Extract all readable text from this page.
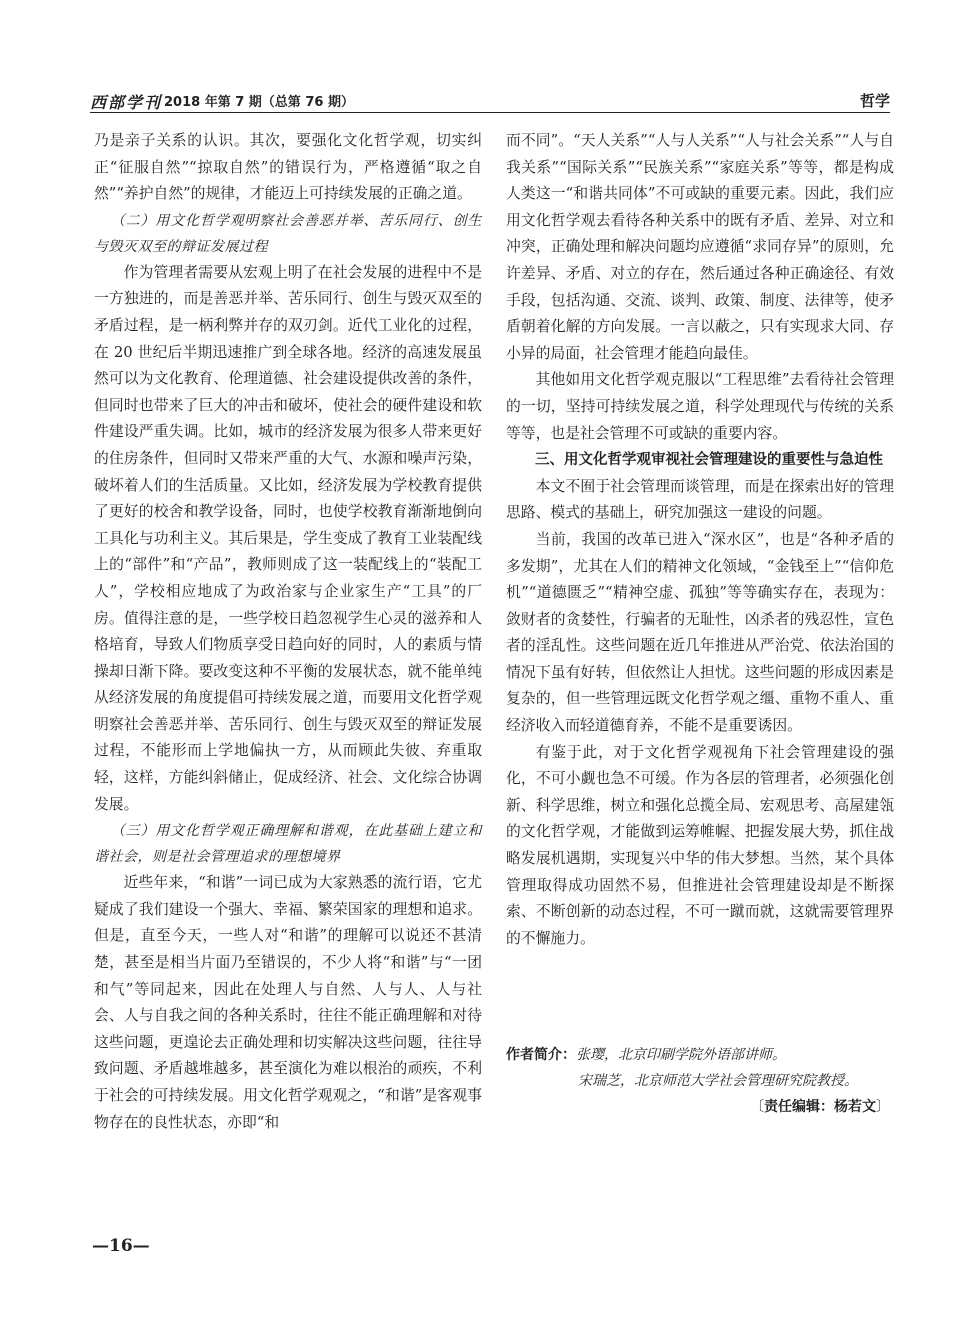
西部学刊 2018 年第 7 期（总第 76 期）	哲学

乃是亲子关系的认识。其次，要强化文化哲学观，切实纠正“征服自然”“掠取自然”的错误行为，严格遵循“取之自然”“养护自然”的规律，才能迈上可持续发展的正确之道。

（二）用文化哲学观明察社会善恶并举、苦乐同行、创生与毁灭双至的辩证发展过程

作为管理者需要从宏观上明了在社会发展的进程中不是一方独进的，而是善恶并举、苦乐同行、创生与毁灭双至的矛盾过程，是一柄利弊并存的双刃剑。近代工业化的过程，在 20 世纪后半期迅速推广到全球各地。经济的高速发展虽然可以为文化教育、伦理道德、社会建设提供改善的条件，但同时也带来了巨大的冲击和破坏，使社会的硬件建设和软件建设严重失调。比如，城市的经济发展为很多人带来更好的住房条件，但同时又带来严重的大气、水源和噪声污染，破坏着人们的生活质量。又比如，经济发展为学校教育提供了更好的校舍和教学设备，同时，也使学校教育渐渐地倒向工具化与功利主义。其后果是，学生变成了教育工业装配线上的“部件”和“产品”，教师则成了这一装配线上的“装配工人”，学校相应地成了为政治家与企业家生产“工具”的厂房。值得注意的是，一些学校日趋忽视学生心灵的滋养和人格培育，导致人们物质享受日趋向好的同时，人的素质与情操却日渐下降。要改变这种不平衡的发展状态，就不能单纯从经济发展的角度提倡可持续发展之道，而要用文化哲学观明察社会善恶并举、苦乐同行、创生与毁灭双至的辩证发展过程，不能形而上学地偏执一方，从而顾此失彼、弃重取轻，这样，方能纠斜储止，促成经济、社会、文化综合协调发展。

（三）用文化哲学观正确理解和谐观，在此基础上建立和谐社会，则是社会管理追求的理想境界

近些年来，“和谐”一词已成为大家熟悉的流行语，它尤疑成了我们建设一个强大、幸福、繁荣国家的理想和追求。但是，直至今天，一些人对“和谐”的理解可以说还不甚清楚，甚至是相当片面乃至错误的，不少人将“和谐”与“一团和气”等同起来，因此在处理人与自然、人与人、人与社会、人与自我之间的各种关系时，往往不能正确理解和对待这些问题，更遑论去正确处理和切实解决这些问题，往往导致问题、矛盾越堆越多，甚至演化为难以根治的顽疾，不利于社会的可持续发展。用文化哲学观观之，“和谐”是客观事物存在的良性状态，亦即“和

而不同”。“天人关系”“人与人关系”“人与社会关系”“人与自我关系”“国际关系”“民族关系”“家庭关系”等等，都是构成人类这一“和谐共同体”不可或缺的重要元素。因此，我们应用文化哲学观去看待各种关系中的既有矛盾、差异、对立和冲突，正确处理和解决问题均应遵循“求同存异”的原则，允许差异、矛盾、对立的存在，然后通过各种正确途径、有效手段，包括沟通、交流、谈判、政策、制度、法律等，使矛盾朝着化解的方向发展。一言以蔽之，只有实现求大同、存小异的局面，社会管理才能趋向最佳。

其他如用文化哲学观克服以“工程思维”去看待社会管理的一切，坚持可持续发展之道，科学处理现代与传统的关系等等，也是社会管理不可或缺的重要内容。

三、用文化哲学观审视社会管理建设的重要性与急迫性

本文不囿于社会管理而谈管理，而是在探索出好的管理思路、模式的基础上，研究加强这一建设的问题。

当前，我国的改革已进入“深水区”，也是“各种矛盾的多发期”，尤其在人们的精神文化领域，“金钱至上”“信仰危机”“道德匮乏”“精神空虚、孤独”等等确实存在，表现为：敛财者的贪婪性，行骗者的无耻性，凶杀者的残忍性，宣色者的淫乱性。这些问题在近几年推进从严治党、依法治国的情况下虽有好转，但依然让人担忧。这些问题的形成因素是复杂的，但一些管理远既文化哲学观之缰、重物不重人、重经济收入而轻道德育养，不能不是重要诱因。

有鉴于此，对于文化哲学观视角下社会管理建设的强化，不可小觑也急不可缓。作为各层的管理者，必须强化创新、科学思维，树立和强化总揽全局、宏观思考、高屋建瓴的文化哲学观，才能做到运筹帷幄、把握发展大势，抓住战略发展机遇期，实现复兴中华的伟大梦想。当然，某个具体管理取得成功固然不易，但推进社会管理建设却是不断探索、不断创新的动态过程，不可一蹴而就，这就需要管理界的不懈施力。

作者简介：张璎，北京印刷学院外语部讲师。
宋瑞芝，北京师范大学社会管理研究院教授。
〔责任编辑：杨若文〕
—16—
